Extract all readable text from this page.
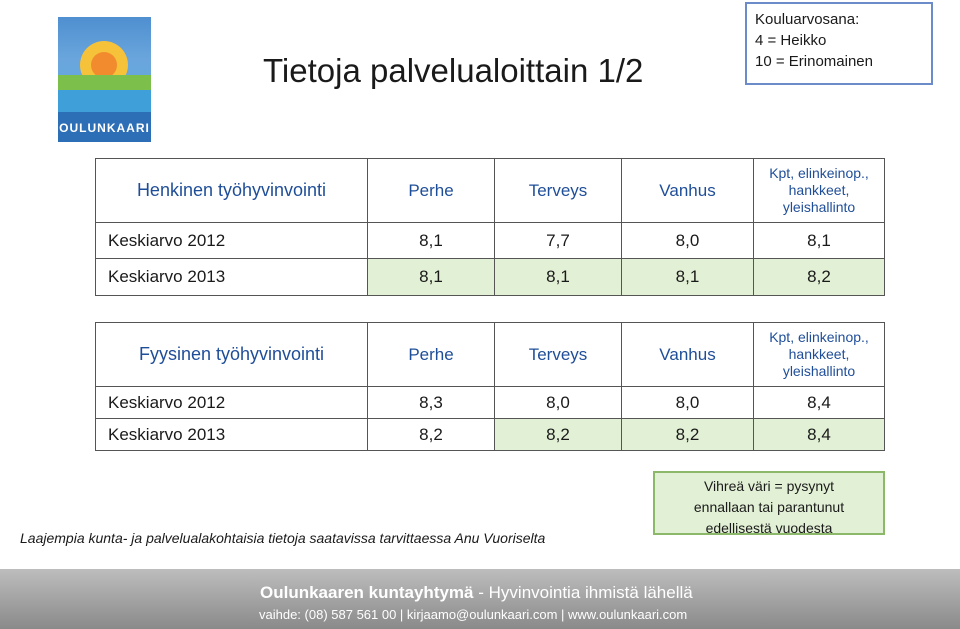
OULUNKAARI
Tietoja palvelualoittain 1/2
Kouluarvosana:
4 = Heikko
10 = Erinomainen
Henkinen työhyvinvointi	Perhe	Terveys	Vanhus	Kpt, elinkeinop.,
hankkeet,
yleishallinto

Keskiarvo 2012	8,1	7,7	8,0	8,1
Keskiarvo 2013	8,1	8,1	8,1	8,2
Fyysinen työhyvinvointi	Perhe	Terveys	Vanhus	Kpt, elinkeinop.,
hankkeet,
yleishallinto

Keskiarvo 2012	8,3	8,0	8,0	8,4
Keskiarvo 2013	8,2	8,2	8,2	8,4
Laajempia kunta- ja palvelualakohtaisia tietoja saatavissa tarvittaessa Anu Vuoriselta
Vihreä väri = pysynyt
ennallaan tai parantunut
edellisestä vuodesta
Oulunkaaren kuntayhtymä - Hyvinvointia ihmistä lähellä
vaihde: (08) 587 561 00 | kirjaamo@oulunkaari.com | www.oulunkaari.com
